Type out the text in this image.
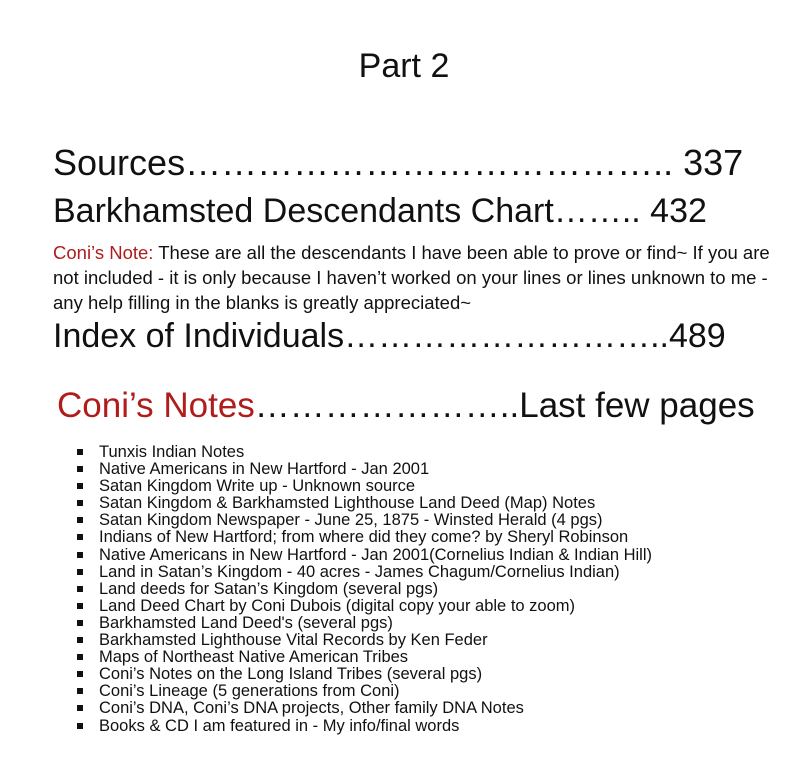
Part 2
Sources………………………………….. 337
Barkhamsted Descendants Chart…….. 432
Coni’s Note: These are all the descendants I have been able to prove or find~ If you are not included - it is only because I haven’t worked on your lines or lines unknown to me - any help filling in the blanks is greatly appreciated~
Index of Individuals………………………..489
Coni’s Notes…………………..Last few pages
Tunxis Indian Notes
Native Americans in New Hartford - Jan 2001
Satan Kingdom Write up - Unknown source
Satan Kingdom & Barkhamsted Lighthouse Land Deed (Map) Notes
Satan Kingdom Newspaper - June 25, 1875 - Winsted Herald (4 pgs)
Indians of New Hartford; from where did they come? by Sheryl Robinson
Native Americans in New Hartford - Jan 2001(Cornelius Indian & Indian Hill)
Land in Satan’s Kingdom - 40 acres - James Chagum/Cornelius Indian)
Land deeds for Satan’s Kingdom (several pgs)
Land Deed Chart by Coni Dubois (digital copy your able to zoom)
Barkhamsted Land Deed's (several pgs)
Barkhamsted Lighthouse Vital Records by Ken Feder
Maps of Northeast Native American Tribes
Coni’s Notes on the Long Island Tribes (several pgs)
Coni’s Lineage (5 generations from Coni)
Coni’s DNA, Coni’s DNA projects, Other family DNA Notes
Books & CD I am featured in - My info/final words
